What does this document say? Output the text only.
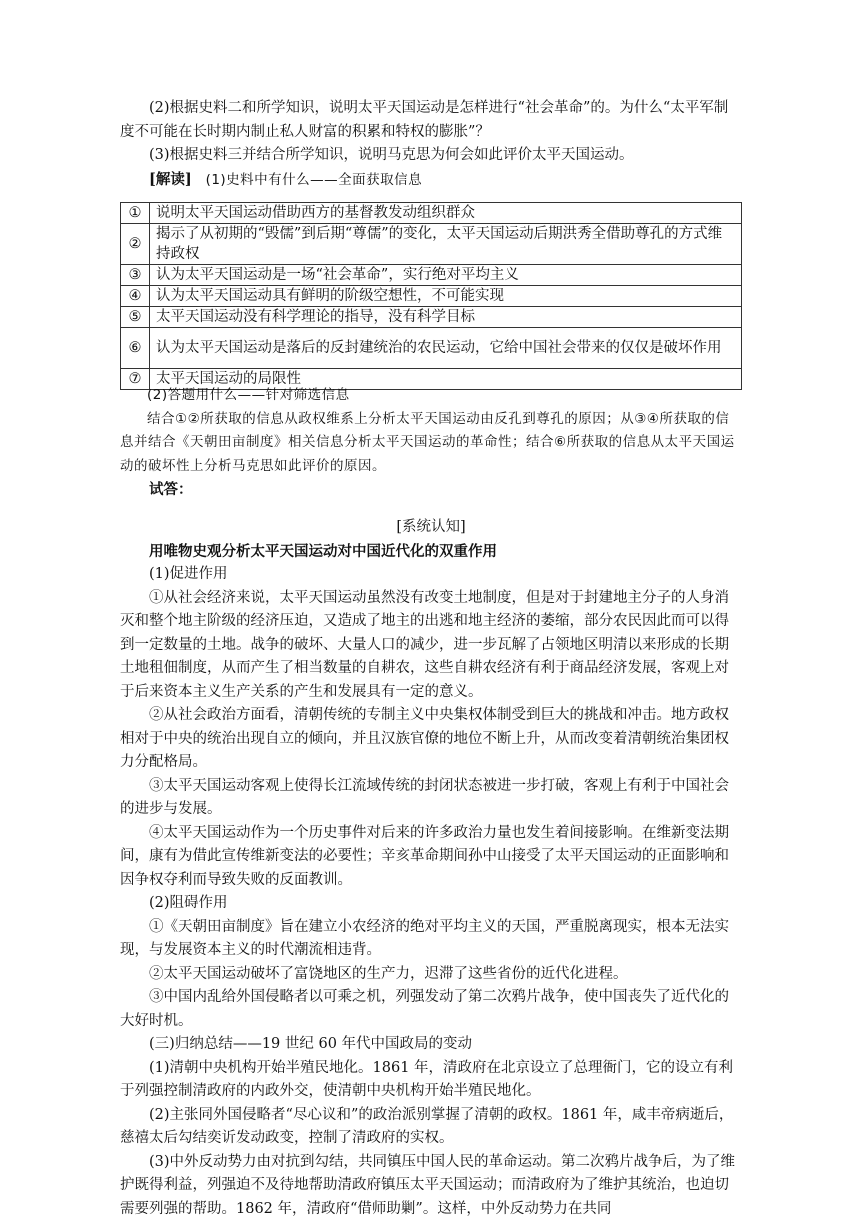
(2)根据史料二和所学知识，说明太平天国运动是怎样进行“社会革命”的。为什么“太平军制度不可能在长时期内制止私人财富的积累和特权的膨胀”？

(3)根据史料三并结合所学知识，说明马克思为何会如此评价太平天国运动。

[解读] (1)史料中有什么——全面获取信息

①	说明太平天国运动借助西方的基督教发动组织群众
②	揭示了从初期的“毁儒”到后期“尊儒”的变化，太平天国运动后期洪秀全借助尊孔的方式维持政权
③	认为太平天国运动是一场“社会革命”，实行绝对平均主义
④	认为太平天国运动具有鲜明的阶级空想性，不可能实现
⑤	太平天国运动没有科学理论的指导，没有科学目标
⑥	认为太平天国运动是落后的反封建统治的农民运动，它给中国社会带来的仅仅是破坏作用
⑦	太平天国运动的局限性

(2)答题用什么——针对筛选信息

结合①②所获取的信息从政权维系上分析太平天国运动由反孔到尊孔的原因；从③④所获取的信息并结合《天朝田亩制度》相关信息分析太平天国运动的革命性；结合⑥所获取的信息从太平天国运动的破坏性上分析马克思如此评价的原因。

试答：

[系统认知]

用唯物史观分析太平天国运动对中国近代化的双重作用

(1)促进作用

①从社会经济来说，太平天国运动虽然没有改变土地制度，但是对于封建地主分子的人身消灭和整个地主阶级的经济压迫，又造成了地主的出逃和地主经济的萎缩，部分农民因此而可以得到一定数量的土地。战争的破坏、大量人口的减少，进一步瓦解了占领地区明清以来形成的长期土地租佃制度，从而产生了相当数量的自耕农，这些自耕农经济有利于商品经济发展，客观上对于后来资本主义生产关系的产生和发展具有一定的意义。

②从社会政治方面看，清朝传统的专制主义中央集权体制受到巨大的挑战和冲击。地方政权相对于中央的统治出现自立的倾向，并且汉族官僚的地位不断上升，从而改变着清朝统治集团权力分配格局。

③太平天国运动客观上使得长江流域传统的封闭状态被进一步打破，客观上有利于中国社会的进步与发展。

④太平天国运动作为一个历史事件对后来的许多政治力量也发生着间接影响。在维新变法期间，康有为借此宣传维新变法的必要性；辛亥革命期间孙中山接受了太平天国运动的正面影响和因争权夺利而导致失败的反面教训。

(2)阻碍作用

①《天朝田亩制度》旨在建立小农经济的绝对平均主义的天国，严重脱离现实，根本无法实现，与发展资本主义的时代潮流相违背。

②太平天国运动破坏了富饶地区的生产力，迟滞了这些省份的近代化进程。

③中国内乱给外国侵略者以可乘之机，列强发动了第二次鸦片战争，使中国丧失了近代化的大好时机。

(三)归纳总结——19 世纪 60 年代中国政局的变动

(1)清朝中央机构开始半殖民地化。1861 年，清政府在北京设立了总理衙门，它的设立有利于列强控制清政府的内政外交，使清朝中央机构开始半殖民地化。

(2)主张同外国侵略者“尽心议和”的政治派别掌握了清朝的政权。1861 年，咸丰帝病逝后，慈禧太后勾结奕䜣发动政变，控制了清政府的实权。

(3)中外反动势力由对抗到勾结，共同镇压中国人民的革命运动。第二次鸦片战争后，为了维护既得利益，列强迫不及待地帮助清政府镇压太平天国运动；而清政府为了维护其统治，也迫切需要列强的帮助。1862 年，清政府“借师助剿”。这样，中外反动势力在共同
